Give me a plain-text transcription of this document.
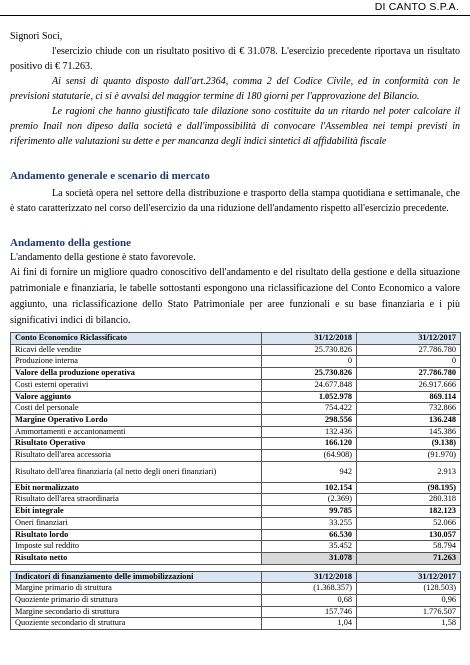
DI CANTO S.P.A.

Signori Soci,

l'esercizio chiude con un risultato positivo di € 31.078. L'esercizio precedente riportava un risultato positivo di € 71.263.

Ai sensi di quanto disposto dall'art.2364, comma 2 del Codice Civile, ed in conformità con le previsioni statutarie, ci si è avvalsi del maggior termine di 180 giorni per l'approvazione del Bilancio.

Le ragioni che hanno giustificato tale dilazione sono costituite da un ritardo nel poter calcolare il premio Inail non dipeso dalla società e dall'impossibilità di convocare l'Assemblea nei tempi previsti in riferimento alle valutazioni su dette e per mancanza degli indici sintetici di affidabilità fiscale

Andamento generale e scenario di mercato

La società opera nel settore della distribuzione e trasporto della stampa quotidiana e settimanale, che è stato caratterizzato nel corso dell'esercizio da una riduzione dell'andamento rispetto all'esercizio precedente.

Andamento della gestione

L'andamento della gestione è stato favorevole.

Ai fini di fornire un migliore quadro conoscitivo dell'andamento e del risultato della gestione e della situazione patrimoniale e finanziaria, le tabelle sottostanti espongono una riclassificazione del Conto Economico a valore aggiunto, una riclassificazione dello Stato Patrimoniale per aree funzionali e su base finanziaria e i più significativi indici di bilancio.

Conto Economico Riclassificato	31/12/2018	31/12/2017
Ricavi delle vendite	25.730.826	27.786.780
Produzione interna	0	0
Valore della produzione operativa	25.730.826	27.786.780
Costi esterni operativi	24.677.848	26.917.666
Valore aggiunto	1.052.978	869.114
Costi del personale	754.422	732.866
Margine Operativo Lordo	298.556	136.248
Ammortamenti e accantonamenti	132.436	145.386
Risultato Operativo	166.120	(9.138)
Risultato dell'area accessoria	(64.908)	(91.970)
Risultato dell'area finanziaria (al netto degli oneri finanziari)	942	2.913
Ebit normalizzato	102.154	(98.195)
Risultato dell'area straordinaria	(2.369)	280.318
Ebit integrale	99.785	182.123
Oneri finanziari	33.255	52.066
Risultato lordo	66.530	130.057
Imposte sul reddito	35.452	58.794
Risultato netto	31.078	71.263
Indicatori di finanziamento delle immobilizzazioni	31/12/2018	31/12/2017
Margine primario di struttura	(1.368.357)	(128.503)
Quoziente primario di struttura	0,68	0,96
Margine secondario di struttura	157.746	1.776.507
Quoziente secondario di struttura	1,04	1,58
